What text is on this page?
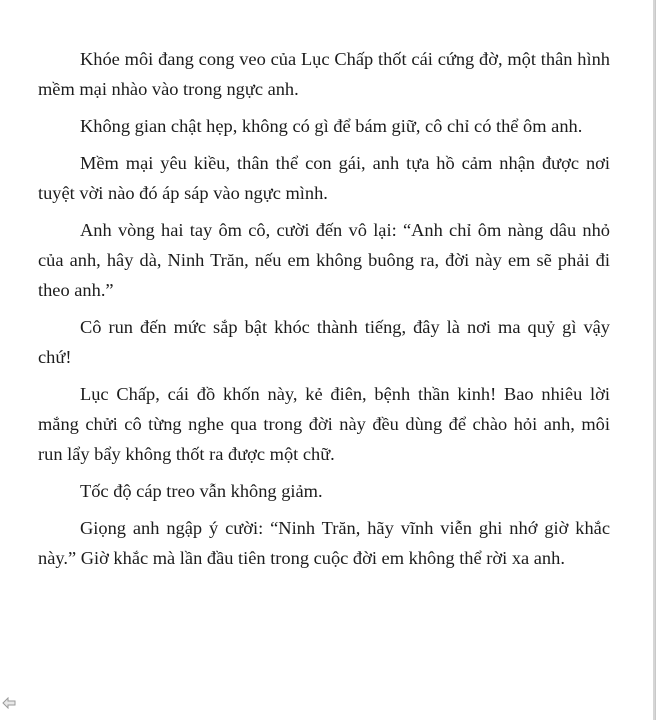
Khóe môi đang cong veo của Lục Chấp thốt cái cứng đờ, một thân hình mềm mại nhào vào trong ngực anh.

Không gian chật hẹp, không có gì để bám giữ, cô chỉ có thể ôm anh.

Mềm mại yêu kiều, thân thể con gái, anh tựa hồ cảm nhận được nơi tuyệt vời nào đó áp sáp vào ngực mình.

Anh vòng hai tay ôm cô, cười đến vô lại: “Anh chỉ ôm nàng dâu nhỏ của anh, hây dà, Ninh Trăn, nếu em không buông ra, đời này em sẽ phải đi theo anh.”

Cô run đến mức sắp bật khóc thành tiếng, đây là nơi ma quỷ gì vậy chứ!

Lục Chấp, cái đồ khốn này, kẻ điên, bệnh thần kinh! Bao nhiêu lời mắng chửi cô từng nghe qua trong đời này đều dùng để chào hỏi anh, môi run lẩy bẩy không thốt ra được một chữ.

Tốc độ cáp treo vẫn không giảm.

Giọng anh ngập ý cười: “Ninh Trăn, hãy vĩnh viễn ghi nhớ giờ khắc này.” Giờ khắc mà lần đầu tiên trong cuộc đời em không thể rời xa anh.
